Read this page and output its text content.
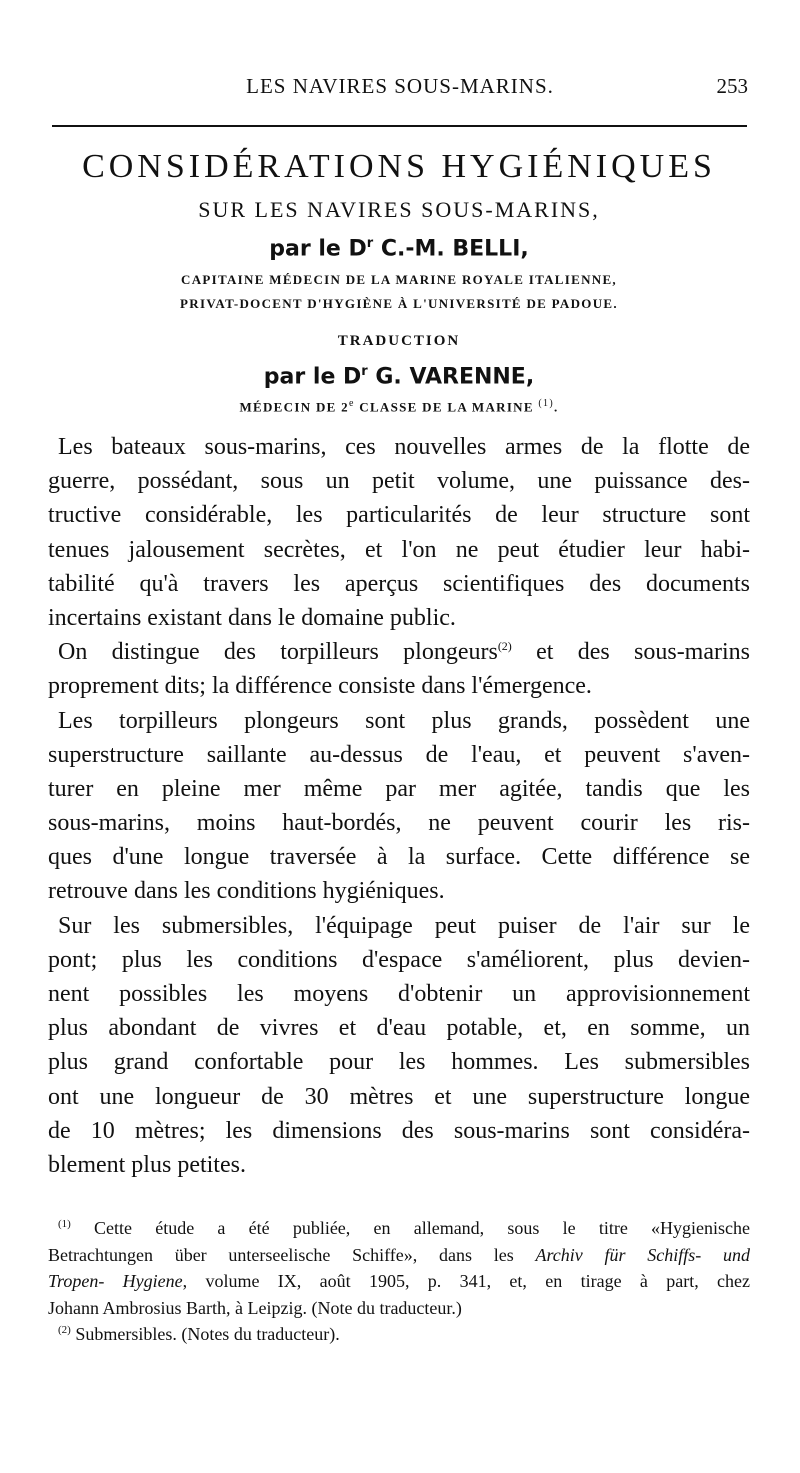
LES NAVIRES SOUS-MARINS.	253
CONSIDÉRATIONS HYGIÉNIQUES
SUR LES NAVIRES SOUS-MARINS,
par le $D^r$ C.-M. BELLI,
CAPITAINE MÉDECIN DE LA MARINE ROYALE ITALIENNE,
PRIVAT-DOCENT D'HYGIÈNE À L'UNIVERSITÉ DE PADOUE.
TRADUCTION
par le $D^r$ G. VARENNE,
MÉDECIN DE 2e CLASSE DE LA MARINE $^{(1)}$.
Les bateaux sous-marins, ces nouvelles armes de la flotte de
guerre, possédant, sous un petit volume, une puissance des-
tructive considérable, les particularités de leur structure sont
tenues jalousement secrètes, et l'on ne peut étudier leur habi-
tabilité qu'à travers les aperçus scientifiques des documents
incertains existant dans le domaine public.
On distingue des torpilleurs plongeurs$^{(2)}$ et des sous-marins
proprement dits; la différence consiste dans l'émergence.
Les torpilleurs plongeurs sont plus grands, possèdent une
superstructure saillante au-dessus de l'eau, et peuvent s'aven-
turer en pleine mer même par mer agitée, tandis que les
sous-marins, moins haut-bordés, ne peuvent courir les ris-
ques d'une longue traversée à la surface. Cette différence se
retrouve dans les conditions hygiéniques.
Sur les submersibles, l'équipage peut puiser de l'air sur le
pont; plus les conditions d'espace s'améliorent, plus devien-
nent possibles les moyens d'obtenir un approvisionnement
plus abondant de vivres et d'eau potable, et, en somme, un
plus grand confortable pour les hommes. Les submersibles
ont une longueur de 30 mètres et une superstructure longue
de 10 mètres; les dimensions des sous-marins sont considéra-
blement plus petites.
$^{(1)}$ Cette étude a été publiée, en allemand, sous le titre «Hygienische
Betrachtungen über unterseelische Schiffe», dans les Archiv für Schiffs- und
Tropen- Hygiene, volume IX, août 1905, p. 341, et, en tirage à part, chez
Johann Ambrosius Barth, à Leipzig. (Note du traducteur.)
$^{(2)}$ Submersibles. (Notes du traducteur).
